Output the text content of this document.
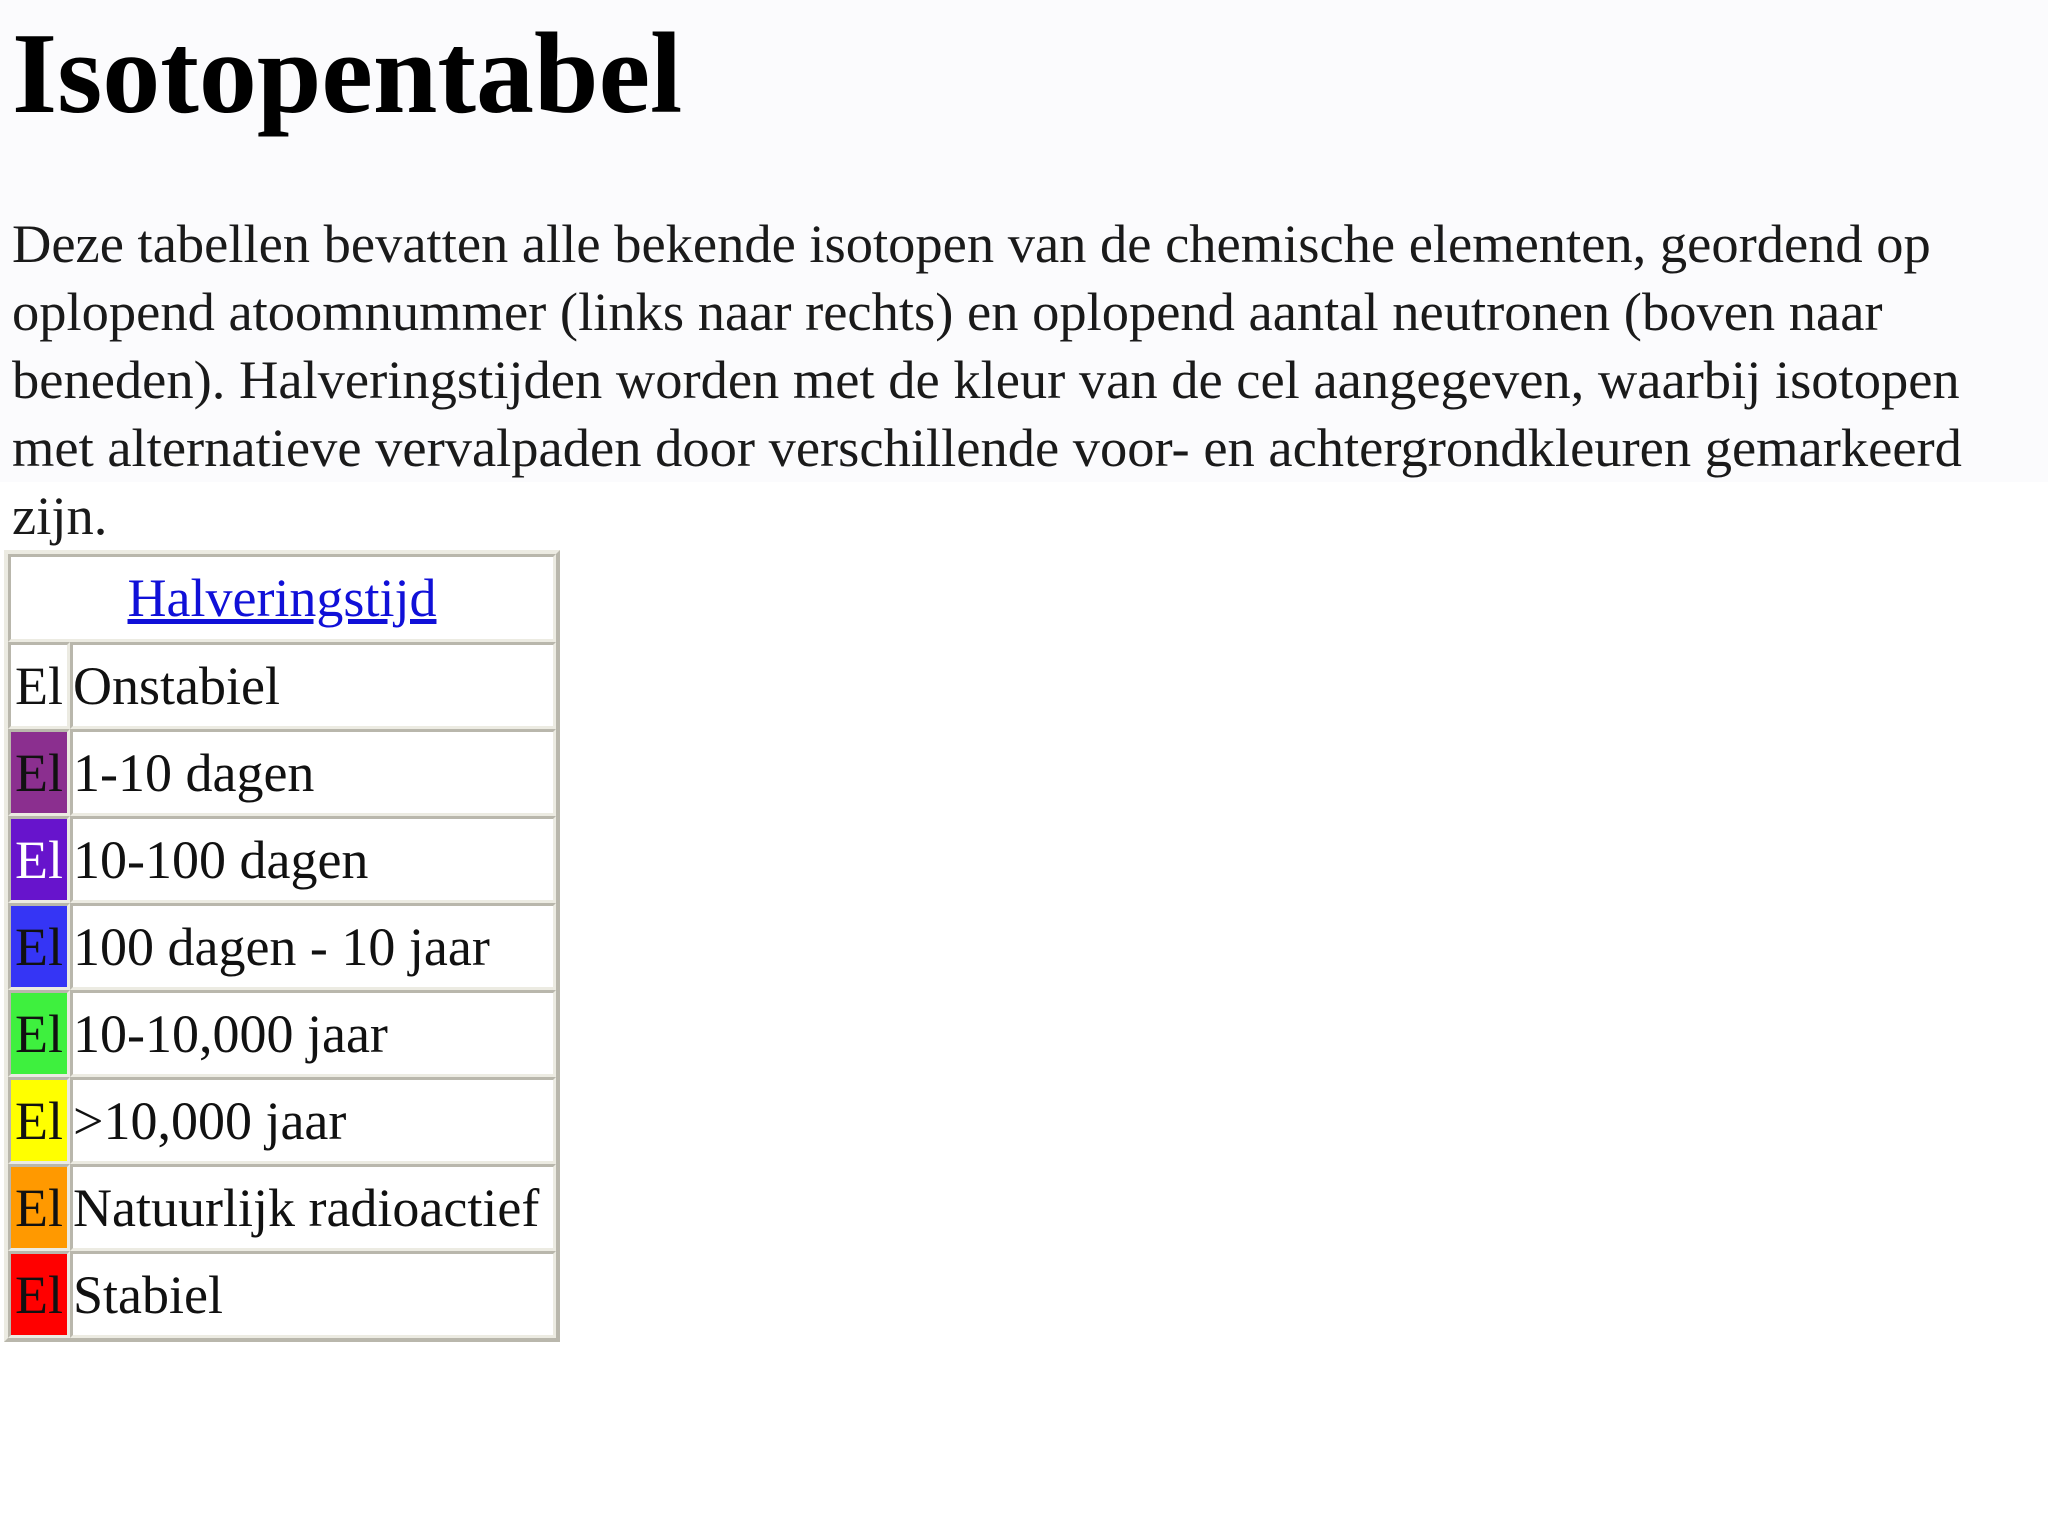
Isotopentabel

Deze tabellen bevatten alle bekende isotopen van de chemische elementen, geordend op oplopend atoomnummer (links naar rechts) en oplopend aantal neutronen (boven naar beneden). Halveringstijden worden met de kleur van de cel aangegeven, waarbij isotopen met alternatieve vervalpaden door verschillende voor- en achtergrondkleuren gemarkeerd zijn.

Halveringstijd	
El	Onstabiel
El	1-10 dagen
El	10-100 dagen
El	100 dagen - 10 jaar
El	10-10,000 jaar
El	>10,000 jaar
El	Natuurlijk radioactief
El	Stabiel
